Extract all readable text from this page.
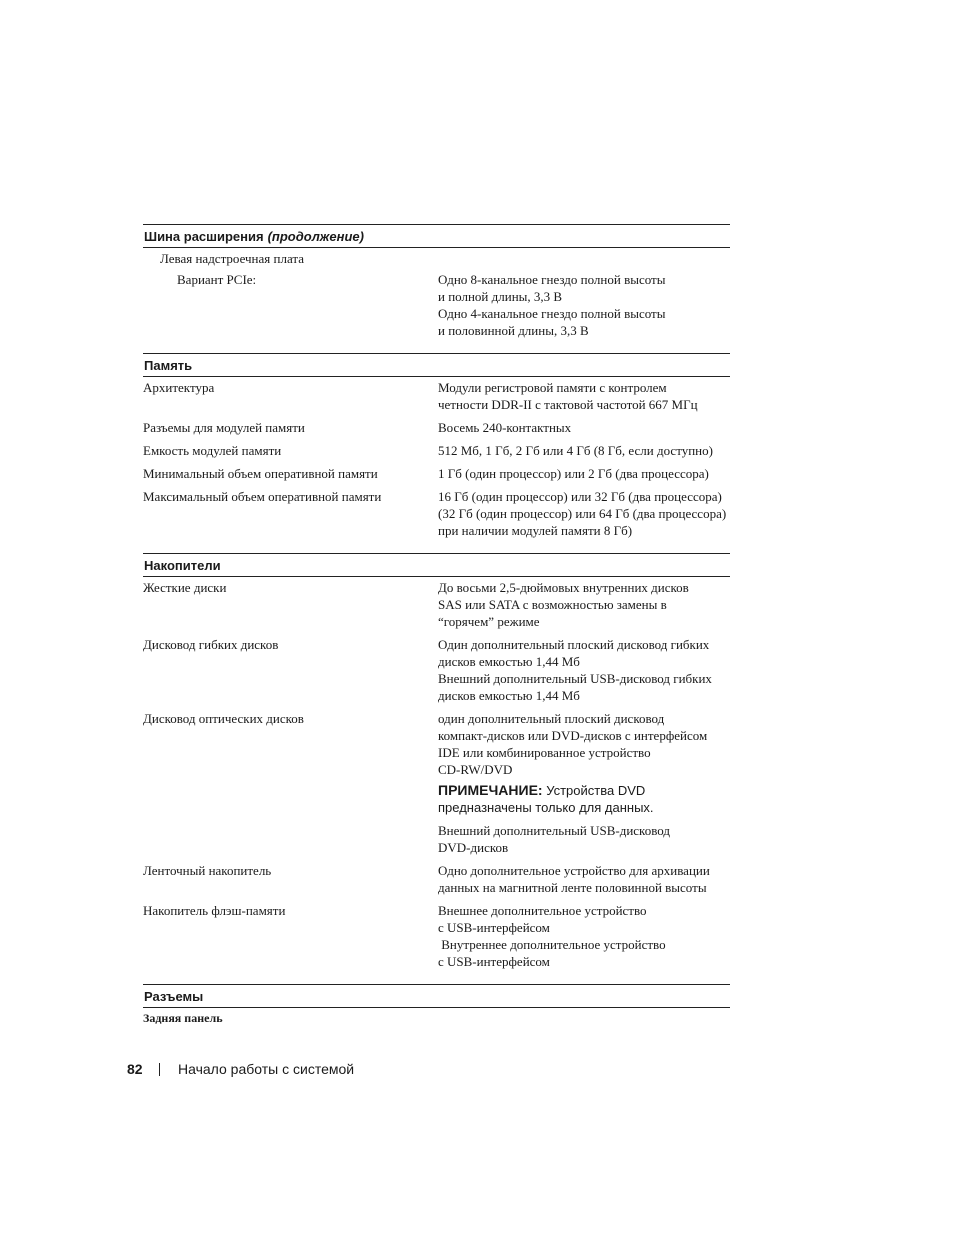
Шина расширения (продолжение)
Левая надстроечная плата
Вариант PCIe:	Одно 8-канальное гнездо полной высоты
и полной длины, 3,3 В
Одно 4-канальное гнездо полной высоты
и половинной длины, 3,3 В
Память
Архитектура	Модули регистровой памяти с контролем
четности DDR-II с тактовой частотой 667 МГц
Разъемы для модулей памяти	Восемь 240-контактных
Емкость модулей памяти	512 Мб, 1 Гб, 2 Гб или 4 Гб (8 Гб, если доступно)
Минимальный объем оперативной памяти	1 Гб (один процессор) или 2 Гб (два процессора)
Максимальный объем оперативной памяти	16 Гб (один процессор) или 32 Гб (два процессора)
(32 Гб (один процессор) или 64 Гб (два процессора)
при наличии модулей памяти 8 Гб)
Накопители
Жесткие диски	До восьми 2,5-дюймовых внутренних дисков
SAS или SATA с возможностью замены в
“горячем” режиме
Дисковод гибких дисков	Один дополнительный плоский дисковод гибких
дисков емкостью 1,44 Мб
Внешний дополнительный USB-дисковод гибких
дисков емкостью 1,44 Мб
Дисковод оптических дисков	один дополнительный плоский дисковод
компакт-дисков или DVD-дисков с интерфейсом
IDE или комбинированное устройство
CD-RW/DVD
ПРИМЕЧАНИЕ: Устройства DVD
предназначены только для данных.
Внешний дополнительный USB-дисковод
DVD-дисков
Ленточный накопитель	Одно дополнительное устройство для архивации
данных на магнитной ленте половинной высоты
Накопитель флэш-памяти	Внешнее дополнительное устройство
с USB-интерфейсом
Внутреннее дополнительное устройство
с USB-интерфейсом
Разъемы
Задняя панель
82	Начало работы с системой
